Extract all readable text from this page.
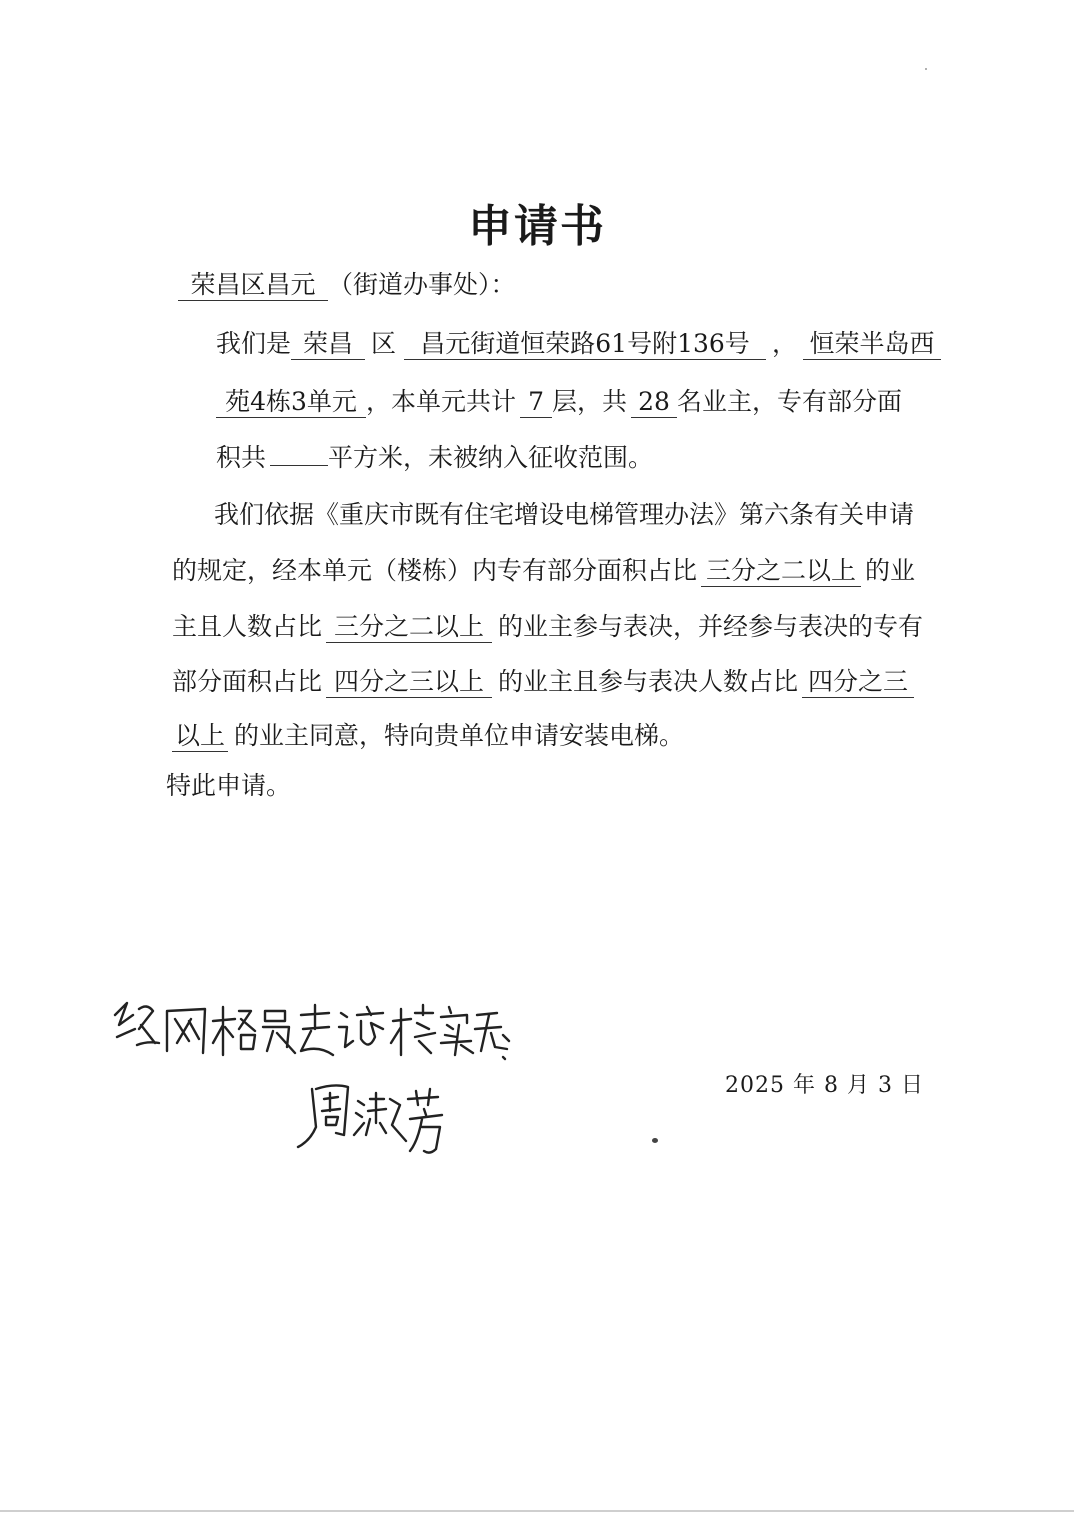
申请书
荣昌区昌元 （街道办事处）：
我们是 荣昌 区 昌元街道恒荣路61号附136号 ， 恒荣半岛西
苑4栋3单元 ，本单元共计 7 层，共 28 名业主，专有部分面
积共 平方米，未被纳入征收范围。
我们依据《重庆市既有住宅增设电梯管理办法》第六条有关申请
的规定，经本单元（楼栋）内专有部分面积占比 三分之二以上 的业
主且人数占比 三分之二以上 的业主参与表决，并经参与表决的专有
部分面积占比 四分之三以上 的业主且参与表决人数占比 四分之三
以上 的业主同意，特向贵单位申请安装电梯。
特此申请。
2025 年 8 月 3 日
